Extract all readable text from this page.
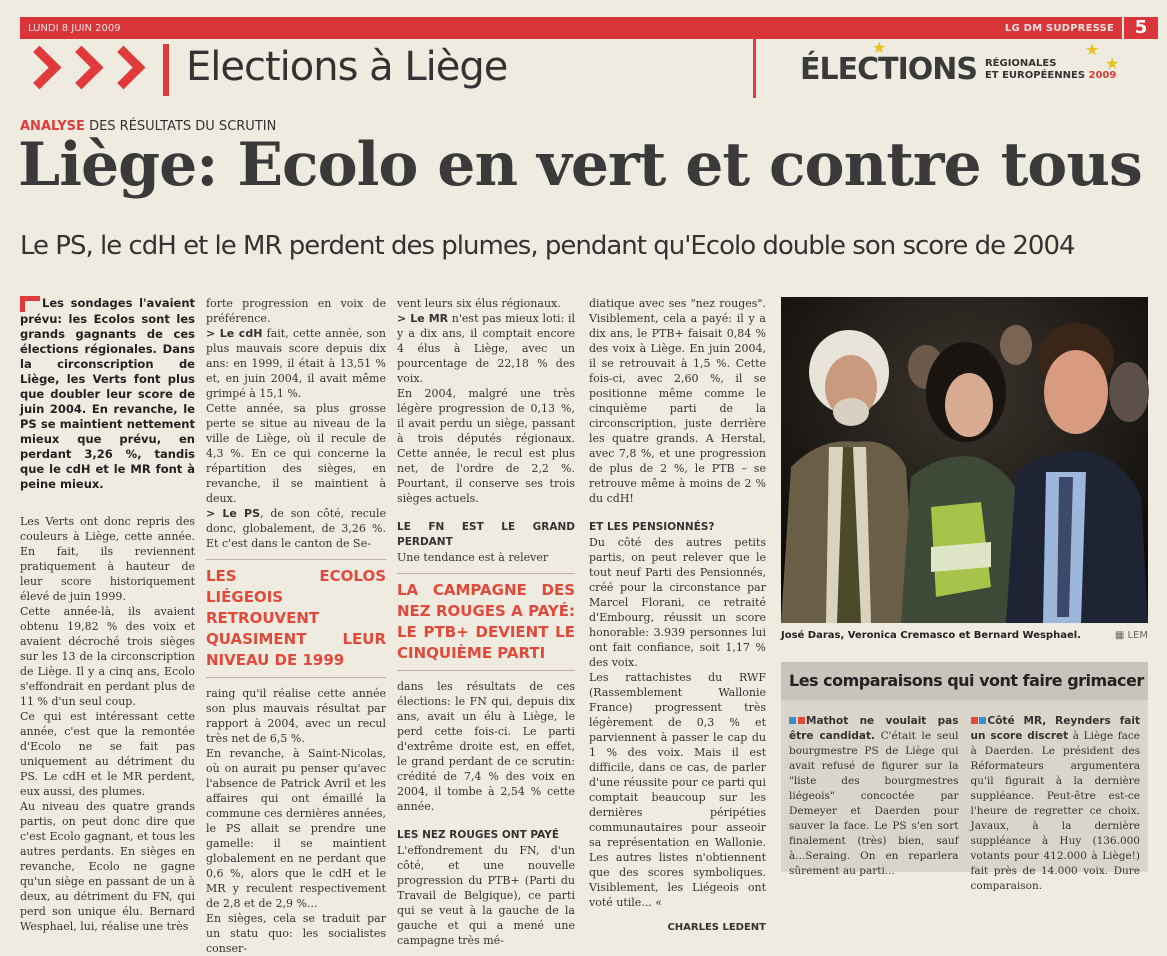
LUNDI 8 JUIN 2009	LG DM SUDPRESSE	5
Elections à Liège	★	★
★
ÉLECTIONS RÉGIONALES
ET EUROPÉENNES 2009
ANALYSE DES RÉSULTATS DU SCRUTIN
Liège: Ecolo en vert et contre tous
Le PS, le cdH et le MR perdent des plumes, pendant qu'Ecolo double son score de 2004

Les sondages l'avaient prévu: les Ecolos sont les grands gagnants de ces élections régionales. Dans la circonscription de Liège, les Verts font plus que doubler leur score de juin 2004. En revanche, le PS se maintient nettement mieux que prévu, en perdant 3,26 %, tandis que le cdH et le MR font à peine mieux.

Les Verts ont donc repris des couleurs à Liège, cette année. En fait, ils reviennent pratiquement à hauteur de leur score historiquement élevé de juin 1999.

Cette année-là, ils avaient obtenu 19,82 % des voix et avaient décroché trois sièges sur les 13 de la circonscription de Liège. Il y a cinq ans, Ecolo s'effondrait en perdant plus de 11 % d'un seul coup.

Ce qui est intéressant cette année, c'est que la remontée d'Ecolo ne se fait pas uniquement au détriment du PS. Le cdH et le MR perdent, eux aussi, des plumes.

Au niveau des quatre grands partis, on peut donc dire que c'est Ecolo gagnant, et tous les autres perdants. En sièges en revanche, Ecolo ne gagne qu'un siège en passant de un à deux, au détriment du FN, qui perd son unique élu. Bernard Wesphael, lui, réalise une très

forte progression en voix de préférence.

> Le cdH fait, cette année, son plus mauvais score depuis dix ans: en 1999, il était à 13,51 % et, en juin 2004, il avait même grimpé à 15,1 %.

Cette année, sa plus grosse perte se situe au niveau de la ville de Liège, où il recule de 4,3 %. En ce qui concerne la répartition des sièges, en revanche, il se maintient à deux.

> Le PS, de son côté, recule donc, globalement, de 3,26 %. Et c'est dans le canton de Se-

LES ECOLOS LIÉGEOIS RETROUVENT QUASIMENT LEUR NIVEAU DE 1999

raing qu'il réalise cette année son plus mauvais résultat par rapport à 2004, avec un recul très net de 6,5 %.

En revanche, à Saint-Nicolas, où on aurait pu penser qu'avec l'absence de Patrick Avril et les affaires qui ont émaillé la commune ces dernières années, le PS allait se prendre une gamelle: il se maintient globalement en ne perdant que 0,6 %, alors que le cdH et le MR y reculent respectivement de 2,8 et de 2,9 %...

En sièges, cela se traduit par un statu quo: les socialistes conser-

vent leurs six élus régionaux.

> Le MR n'est pas mieux loti: il y a dix ans, il comptait encore 4 élus à Liège, avec un pourcentage de 22,18 % des voix.

En 2004, malgré une très légère progression de 0,13 %, il avait perdu un siège, passant à trois députés régionaux. Cette année, le recul est plus net, de l'ordre de 2,2 %. Pourtant, il conserve ses trois sièges actuels.

LE FN EST LE GRAND PERDANT

Une tendance est à relever

LA CAMPAGNE DES NEZ ROUGES A PAYÉ: LE PTB+ DEVIENT LE CINQUIÈME PARTI

dans les résultats de ces élections: le FN qui, depuis dix ans, avait un élu à Liège, le perd cette fois-ci. Le parti d'extrême droite est, en effet, le grand perdant de ce scrutin: crédité de 7,4 % des voix en 2004, il tombe à 2,54 % cette année.

LES NEZ ROUGES ONT PAYÉ

L'effondrement du FN, d'un côté, et une nouvelle progression du PTB+ (Parti du Travail de Belgique), ce parti qui se veut à la gauche de la gauche et qui a mené une campagne très mé-

diatique avec ses "nez rouges". Visiblement, cela a payé: il y a dix ans, le PTB+ faisait 0,84 % des voix à Liège. En juin 2004, il se retrouvait à 1,5 %. Cette fois-ci, avec 2,60 %, il se positionne même comme le cinquième parti de la circonscription, juste derrière les quatre grands. A Herstal, avec 7,8 %, et une progression de plus de 2 %, le PTB – se retrouve même à moins de 2 % du cdH!

ET LES PENSIONNÉS?

Du côté des autres petits partis, on peut relever que le tout neuf Parti des Pensionnés, créé pour la circonstance par Marcel Florani, ce retraité d'Embourg, réussit un score honorable: 3.939 personnes lui ont fait confiance, soit 1,17 % des voix.

Les rattachistes du RWF (Rassemblement Wallonie France) progressent très légèrement de 0,3 % et parviennent à passer le cap du 1 % des voix. Mais il est difficile, dans ce cas, de parler d'une réussite pour ce parti qui comptait beaucoup sur les dernières péripéties communautaires pour asseoir sa représentation en Wallonie. Les autres listes n'obtiennent que des scores symboliques. Visiblement, les Liégeois ont voté utile... «

CHARLES LEDENT
José Daras, Veronica Cremasco et Bernard Wesphael.	▦ LEM
Les comparaisons qui vont faire grimacer
Mathot ne voulait pas être candidat. C'était le seul bourgmestre PS de Liège qui avait refusé de figurer sur la "liste des bourgmestres liégeois" concoctée par Demeyer et Daerden pour sauver la face. Le PS s'en sort finalement (très) bien, sauf à...Seraing. On en reparlera sûrement au parti...
Côté MR, Reynders fait un score discret à Liège face à Daerden. Le président des Réformateurs argumentera qu'il figurait à la dernière suppléance. Peut-être est-ce l'heure de regretter ce choix. Javaux, à la dernière suppléance à Huy (136.000 votants pour 412.000 à Liège!) fait près de 14.000 voix. Dure comparaison.
